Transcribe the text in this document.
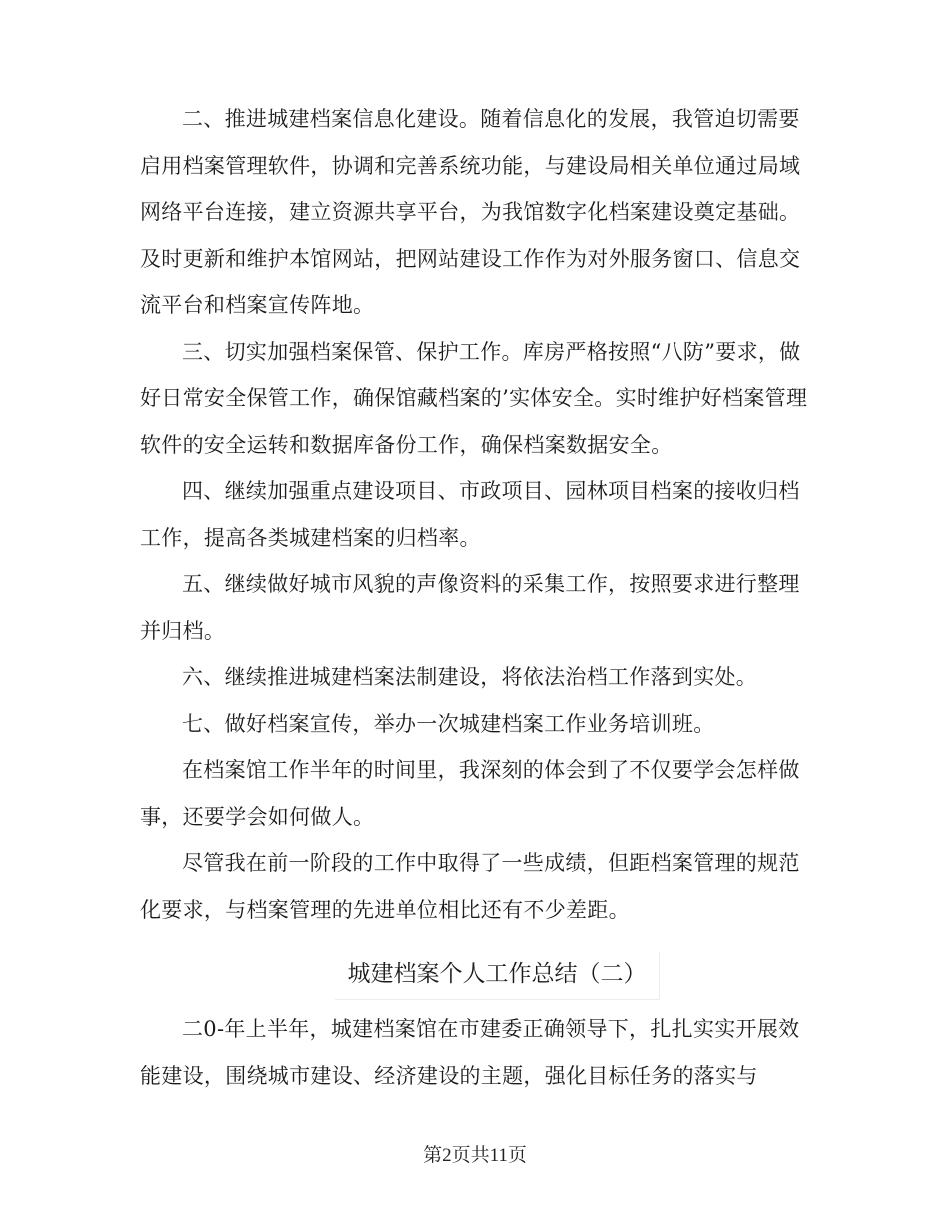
二、推进城建档案信息化建设。随着信息化的发展，我管迫切需要启用档案管理软件，协调和完善系统功能，与建设局相关单位通过局域网络平台连接，建立资源共享平台，为我馆数字化档案建设奠定基础。及时更新和维护本馆网站，把网站建设工作作为对外服务窗口、信息交流平台和档案宣传阵地。

三、切实加强档案保管、保护工作。库房严格按照“八防”要求，做好日常安全保管工作，确保馆藏档案的’实体安全。实时维护好档案管理软件的安全运转和数据库备份工作，确保档案数据安全。

四、继续加强重点建设项目、市政项目、园林项目档案的接收归档工作，提高各类城建档案的归档率。

五、继续做好城市风貌的声像资料的采集工作，按照要求进行整理并归档。

六、继续推进城建档案法制建设，将依法治档工作落到实处。

七、做好档案宣传，举办一次城建档案工作业务培训班。

在档案馆工作半年的时间里，我深刻的体会到了不仅要学会怎样做事，还要学会如何做人。

尽管我在前一阶段的工作中取得了一些成绩，但距档案管理的规范化要求，与档案管理的先进单位相比还有不少差距。

城建档案个人工作总结（二）

二0-年上半年，城建档案馆在市建委正确领导下，扎扎实实开展效能建设，围绕城市建设、经济建设的主题，强化目标任务的落实与

第2页共11页
